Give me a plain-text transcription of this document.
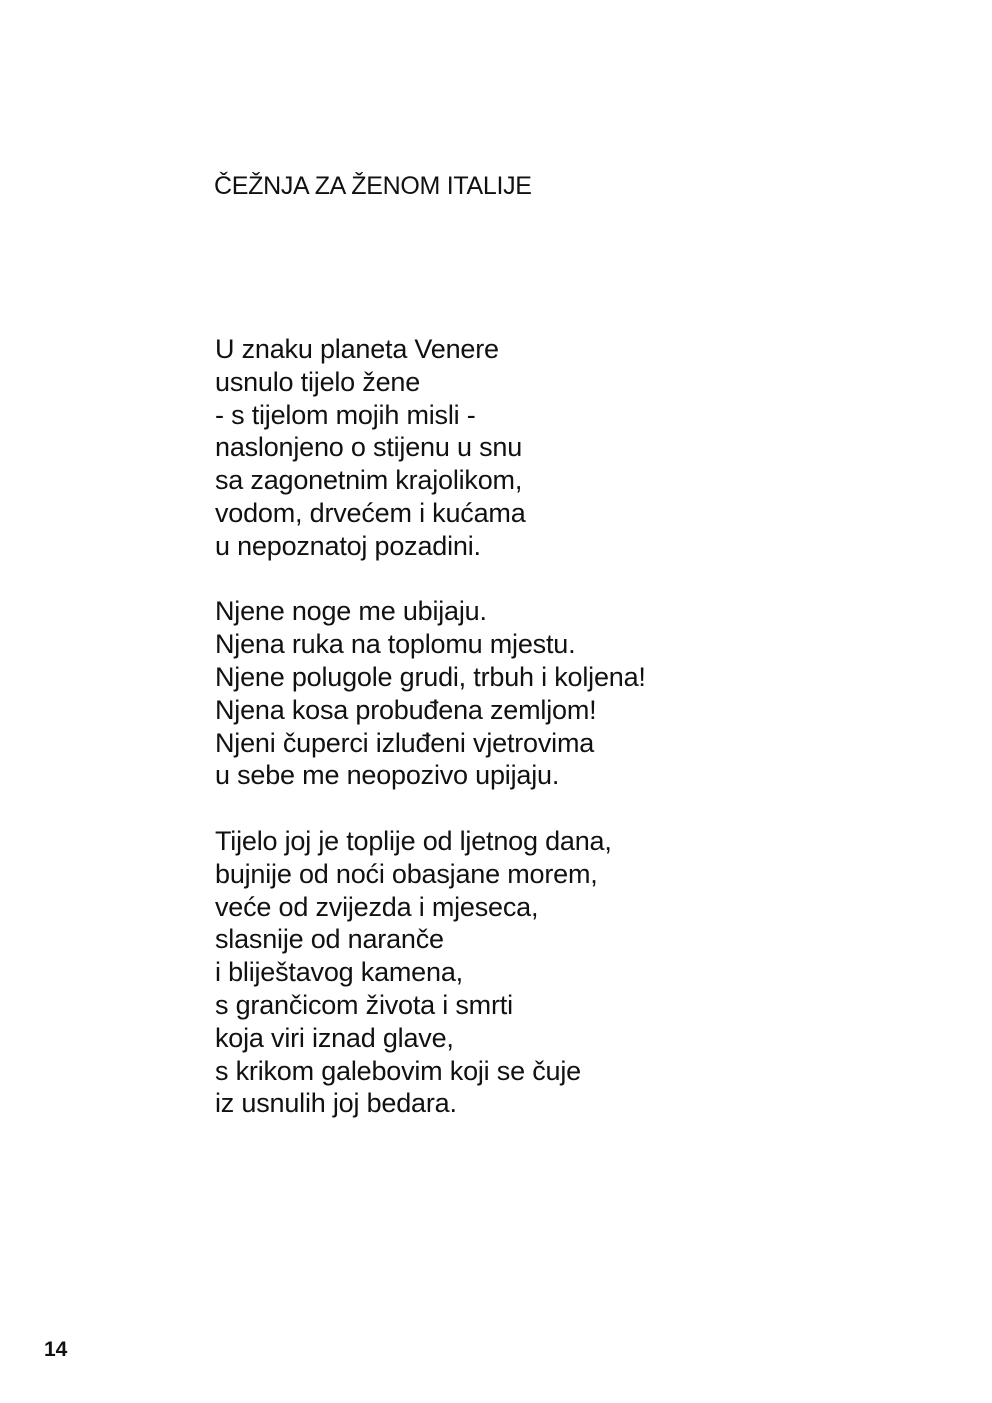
ČEŽNJA ZA ŽENOM ITALIJE
U znaku planeta Venere
usnulo tijelo žene
- s tijelom mojih misli -
naslonjeno o stijenu u snu
sa zagonetnim krajolikom,
vodom, drvećem i kućama
u nepoznatoj pozadini.
Njene noge me ubijaju.
Njena ruka na toplomu mjestu.
Njene polugole grudi, trbuh i koljena!
Njena kosa probuđena zemljom!
Njeni čuperci izluđeni vjetrovima
u sebe me neopozivo upijaju.
Tijelo joj je toplije od ljetnog dana,
bujnije od noći obasjane morem,
veće od zvijezda i mjeseca,
slasnije od naranče
i bliještavog kamena,
s grančicom života i smrti
koja viri iznad glave,
s krikom galebovim koji se čuje
iz usnulih joj bedara.
14
